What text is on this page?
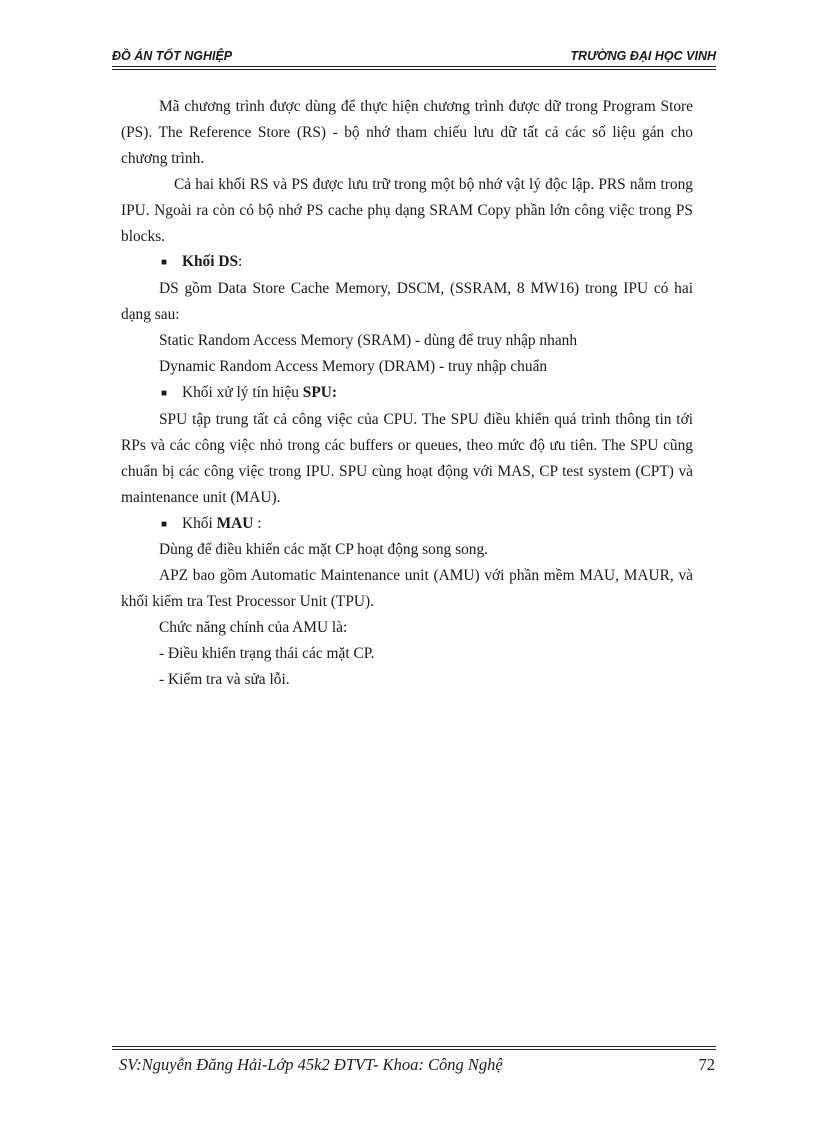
ĐỒ ÁN TỐT NGHIỆP	TRƯỜNG ĐẠI HỌC VINH

Mã chương trình được dùng để thực hiện chương trình được dữ trong Program Store (PS). The Reference Store (RS) - bộ nhớ tham chiếu lưu dữ tất cả các số liệu gán cho chương trình.

Cả hai khối RS và PS được lưu trữ trong một bộ nhớ vật lý độc lập. PRS nằm trong IPU. Ngoài ra còn có bộ nhớ PS cache phụ dạng SRAM Copy phần lớn công việc trong PS blocks.

■ Khối DS:

DS gồm Data Store Cache Memory, DSCM, (SSRAM, 8 MW16) trong IPU có hai dạng sau:

Static Random Access Memory (SRAM) - dùng để truy nhập nhanh

Dynamic Random Access Memory (DRAM) - truy nhập chuẩn

■ Khối xử lý tín hiệu SPU:

SPU tập trung tất cả công việc của CPU. The SPU điều khiển quá trình thông tin tới RPs và các công việc nhỏ trong các buffers or queues, theo mức độ ưu tiên. The SPU cũng chuẩn bị các công việc trong IPU. SPU cùng hoạt động với MAS, CP test system (CPT) và maintenance unit (MAU).

■ Khối MAU :

Dùng để điều khiển các mặt CP hoạt động song song.

APZ bao gồm Automatic Maintenance unit (AMU) với phần mềm MAU, MAUR, và khối kiểm tra Test Processor Unit (TPU).

Chức năng chính của AMU là:

- Điều khiển trạng thái các mặt CP.

- Kiểm tra và sửa lỗi.

SV:Nguyễn Đăng Hải-Lớp 45k2 ĐTVT- Khoa: Công Nghệ	72
